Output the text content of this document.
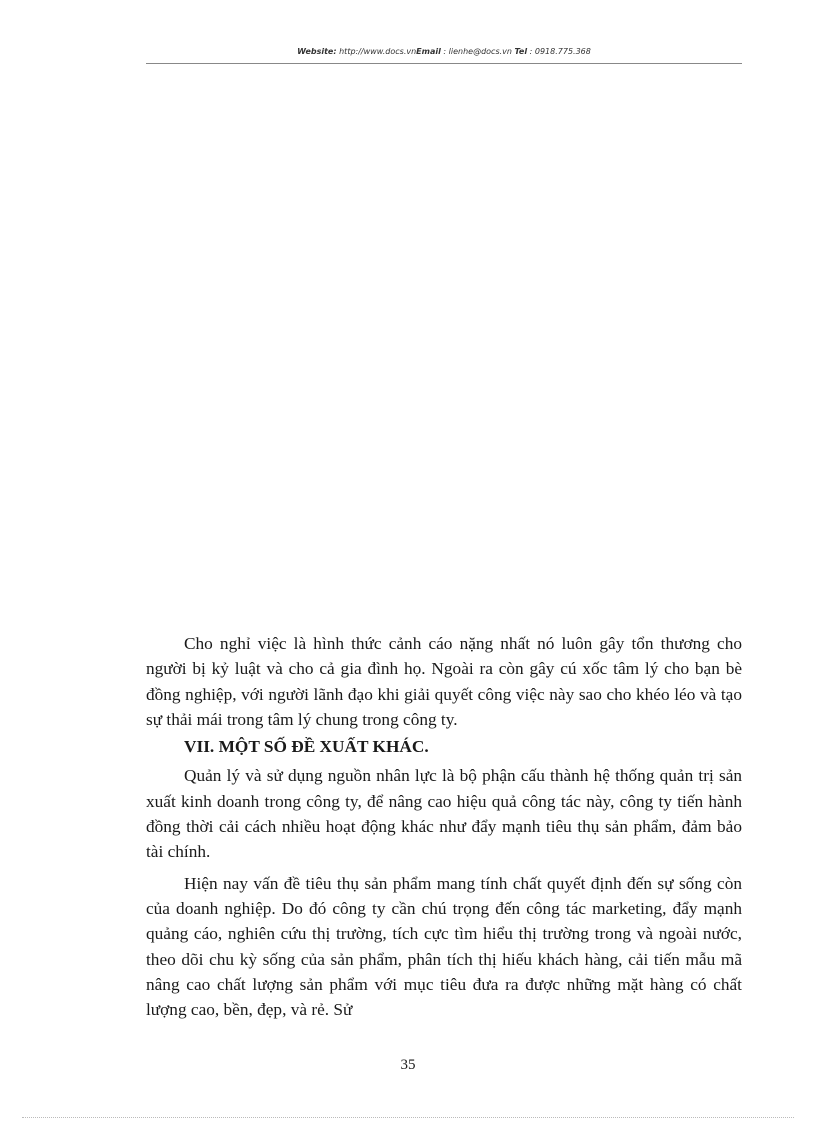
Website: http://www.docs.vnEmail : lienhe@docs.vn Tel : 0918.775.368

Cho nghỉ việc là hình thức cảnh cáo nặng nhất nó luôn gây tổn thương cho người bị kỷ luật và cho cả gia đình họ. Ngoài ra còn gây cú xốc tâm lý cho bạn bè đồng nghiệp, với người lãnh đạo khi giải quyết công việc này sao cho khéo léo và tạo sự thải mái trong tâm lý chung trong công ty.

VII. MỘT SỐ ĐỀ XUẤT KHÁC.

Quản lý và sử dụng nguồn nhân lực là bộ phận cấu thành hệ thống quản trị sản xuất kinh doanh trong công ty, để nâng cao hiệu quả công tác này, công ty tiến hành đồng thời cải cách nhiều hoạt động khác như đẩy mạnh tiêu thụ sản phẩm, đảm bảo tài chính.

Hiện nay vấn đề tiêu thụ sản phẩm mang tính chất quyết định đến sự sống còn của doanh nghiệp. Do đó công ty cần chú trọng đến công tác marketing, đẩy mạnh quảng cáo, nghiên cứu thị trường, tích cực tìm hiểu thị trường trong và ngoài nước, theo dõi chu kỳ sống của sản phẩm, phân tích thị hiếu khách hàng, cải tiến mẫu mã nâng cao chất lượng sản phẩm với mục tiêu đưa ra được những mặt hàng có chất lượng cao, bền, đẹp, và rẻ. Sử

35
